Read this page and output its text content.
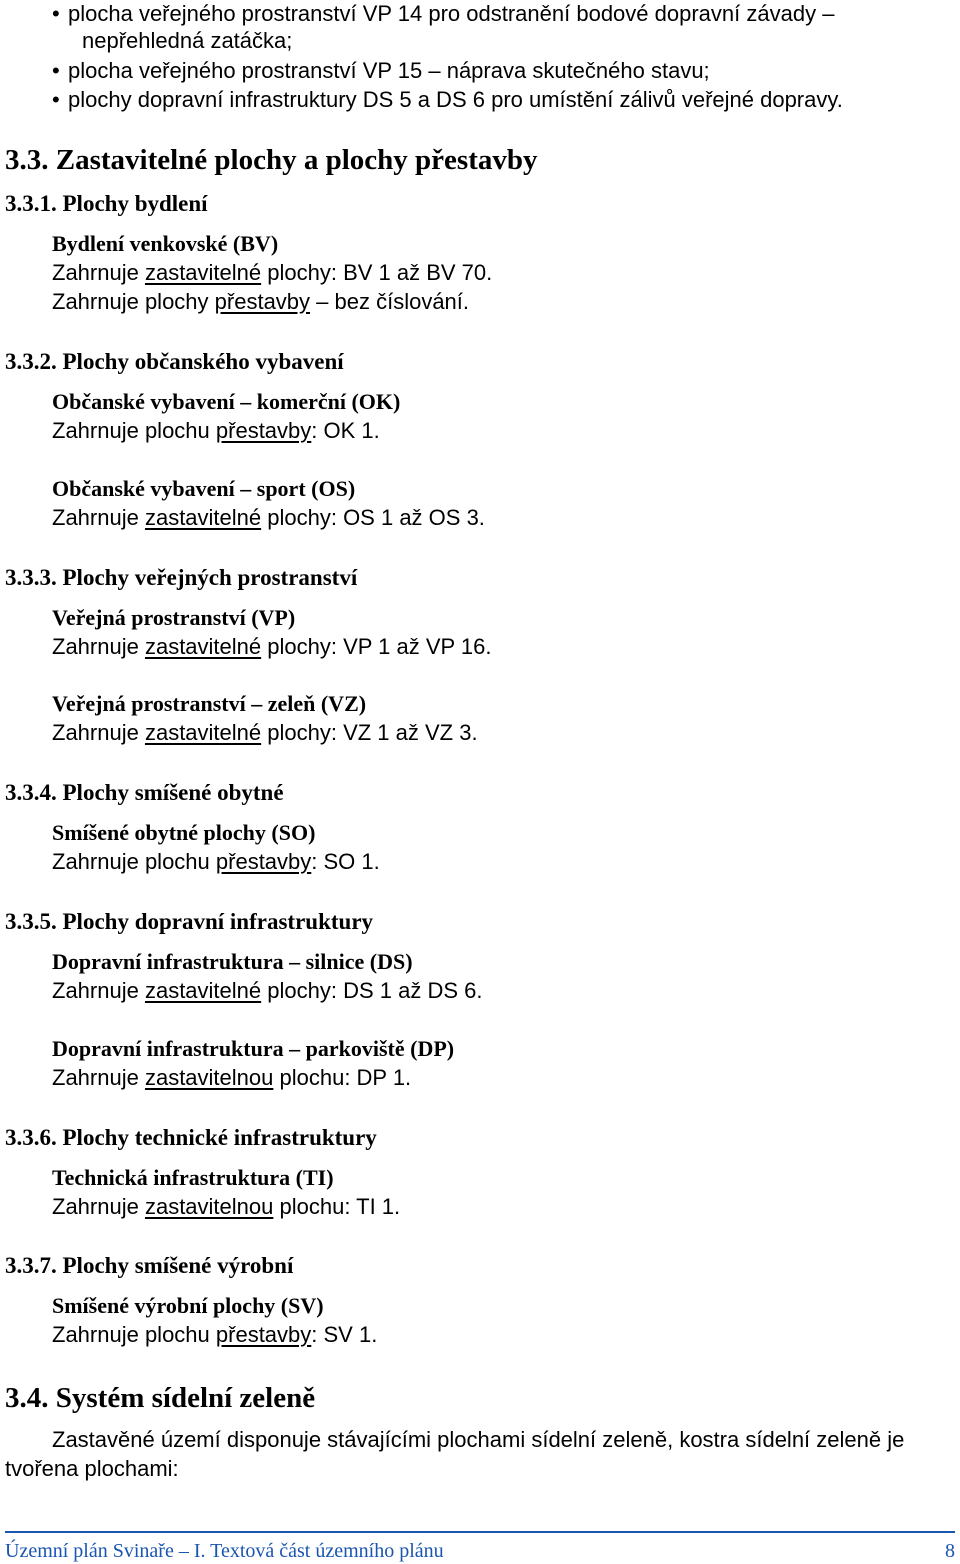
• plocha veřejného prostranství VP 14 pro odstranění bodové dopravní závady –
nepřehledná zatáčka;
• plocha veřejného prostranství VP 15 – náprava skutečného stavu;
• plochy dopravní infrastruktury DS 5 a DS 6 pro umístění zálivů veřejné dopravy.
3.3. Zastavitelné plochy a plochy přestavby
3.3.1. Plochy bydlení
Bydlení venkovské (BV)
Zahrnuje zastavitelné plochy: BV 1 až BV 70.
Zahrnuje plochy přestavby – bez číslování.
3.3.2. Plochy občanského vybavení
Občanské vybavení – komerční (OK)
Zahrnuje plochu přestavby: OK 1.
Občanské vybavení – sport (OS)
Zahrnuje zastavitelné plochy: OS 1 až OS 3.
3.3.3. Plochy veřejných prostranství
Veřejná prostranství (VP)
Zahrnuje zastavitelné plochy: VP 1 až VP 16.
Veřejná prostranství – zeleň (VZ)
Zahrnuje zastavitelné plochy: VZ 1 až VZ 3.
3.3.4. Plochy smíšené obytné
Smíšené obytné plochy (SO)
Zahrnuje plochu přestavby: SO 1.
3.3.5. Plochy dopravní infrastruktury
Dopravní infrastruktura – silnice (DS)
Zahrnuje zastavitelné plochy: DS 1 až DS 6.
Dopravní infrastruktura – parkoviště (DP)
Zahrnuje zastavitelnou plochu: DP 1.
3.3.6. Plochy technické infrastruktury
Technická infrastruktura (TI)
Zahrnuje zastavitelnou plochu: TI 1.
3.3.7. Plochy smíšené výrobní
Smíšené výrobní plochy (SV)
Zahrnuje plochu přestavby: SV 1.
3.4. Systém sídelní zeleně
Zastavěné území disponuje stávajícími plochami sídelní zeleně, kostra sídelní zeleně je
tvořena plochami:
Územní plán Svinaře – I. Textová část územního plánu	8
